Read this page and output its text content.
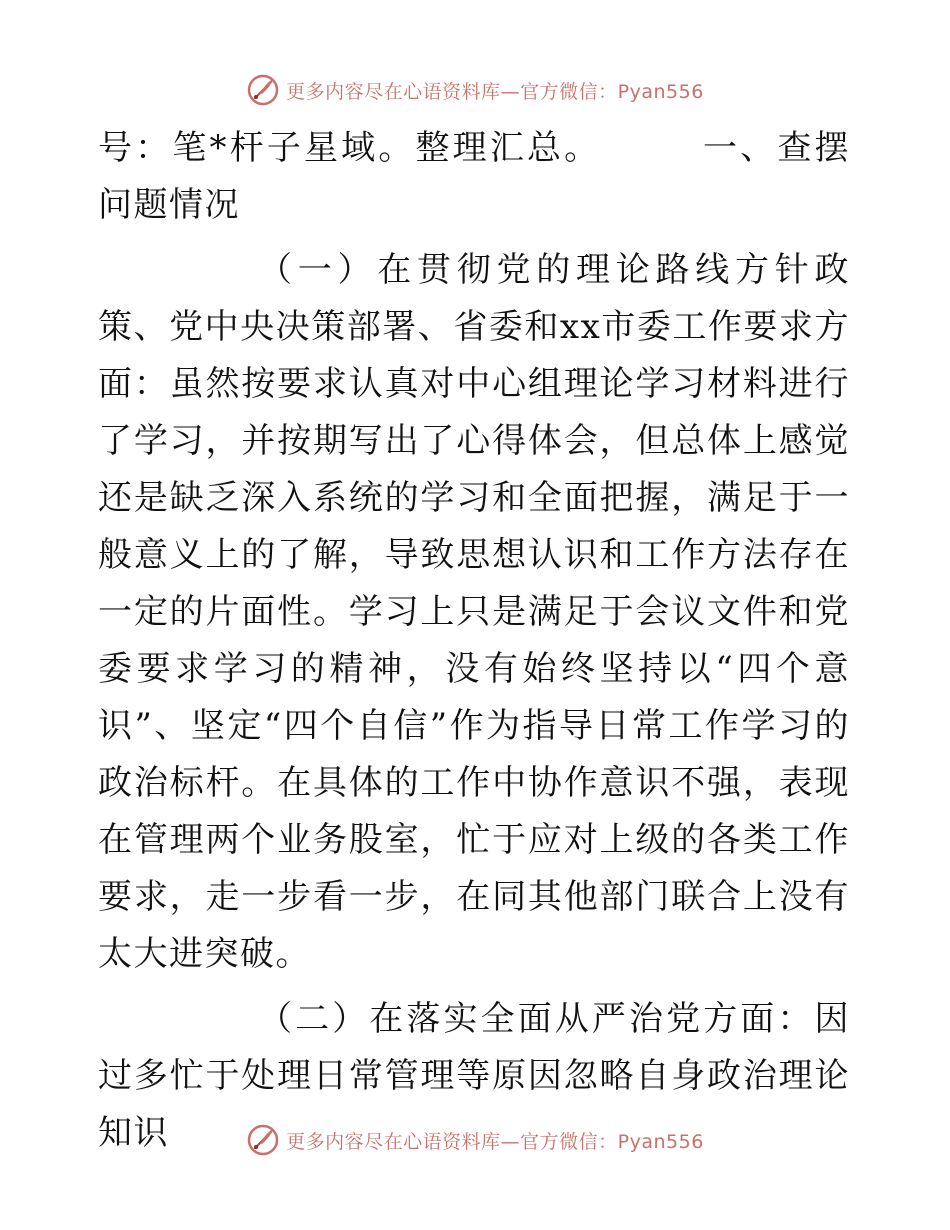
更多内容尽在心语资料库—官方微信：Pyan556

号：笔*杆子星域。整理汇总。	一、查摆问题情况

（一）在贯彻党的理论路线方针政策、党中央决策部署、省委和xx市委工作要求方面：虽然按要求认真对中心组理论学习材料进行了学习，并按期写出了心得体会，但总体上感觉还是缺乏深入系统的学习和全面把握，满足于一般意义上的了解，导致思想认识和工作方法存在一定的片面性。学习上只是满足于会议文件和党委要求学习的精神，没有始终坚持以“四个意识”、坚定“四个自信”作为指导日常工作学习的政治标杆。在具体的工作中协作意识不强，表现在管理两个业务股室，忙于应对上级的各类工作要求，走一步看一步，在同其他部门联合上没有太大进突破。

（二）在落实全面从严治党方面：因过多忙于处理日常管理等原因忽略自身政治理论知识	更多内容尽在心语资料库—官方微信：Pyan556
